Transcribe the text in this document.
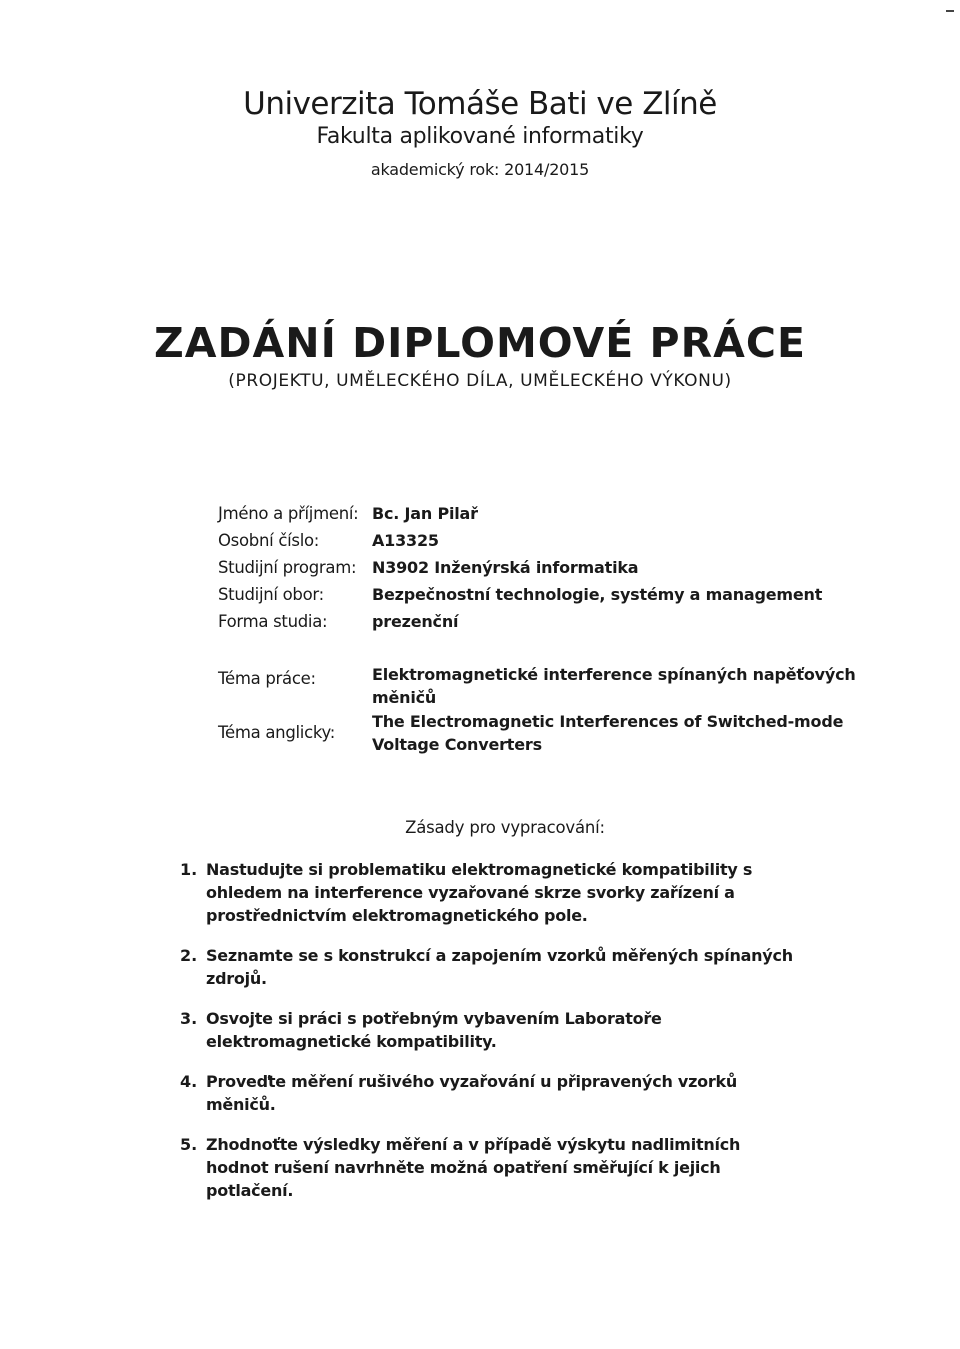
Univerzita Tomáše Bati ve Zlíně
Fakulta aplikované informatiky
akademický rok: 2014/2015
ZADÁNÍ DIPLOMOVÉ PRÁCE
(PROJEKTU, UMĚLECKÉHO DÍLA, UMĚLECKÉHO VÝKONU)
Jméno a příjmení: Bc. Jan Pilař
Osobní číslo:	A13325
Studijní program: N3902 Inženýrská informatika
Studijní obor:	Bezpečnostní technologie, systémy a management
Forma studia:	prezenční
Téma práce:	Elektromagnetické interference spínaných napěťových měničů
Téma anglicky:
The Electromagnetic Interferences of Switched-mode Voltage Converters
Zásady pro vypracování:
1. Nastudujte si problematiku elektromagnetické kompatibility s ohledem na interference vyzařované skrze svorky zařízení a prostřednictvím elektromagnetického pole.
2. Seznamte se s konstrukcí a zapojením vzorků měřených spínaných zdrojů.
3. Osvojte si práci s potřebným vybavením Laboratoře elektromagnetické kompatibility.
4. Proveďte měření rušivého vyzařování u připravených vzorků měničů.
5. Zhodnoťte výsledky měření a v případě výskytu nadlimitních hodnot rušení navrhněte možná opatření směřující k jejich potlačení.
